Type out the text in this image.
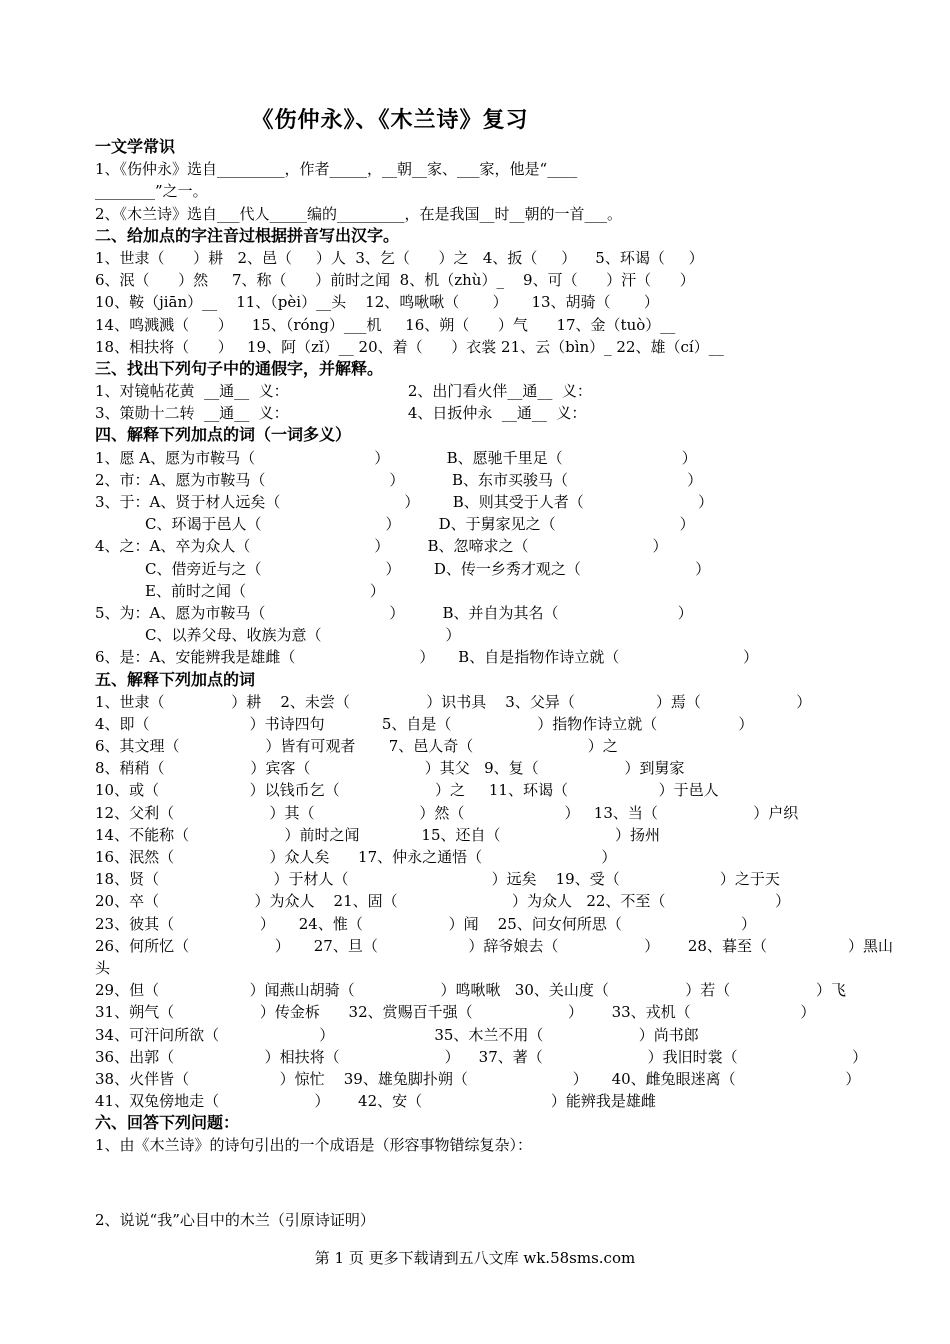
《伤仲永》、《木兰诗》复习
一文学常识
1、《伤仲永》选自_________，作者_____，__朝__家、___家，他是“____
________”之一。
2、《木兰诗》选自___代人_____编的_________，在是我国__时__朝的一首___。
二、给加点的字注音过根据拼音写出汉字。
1、世隶（      ）耕   2、邑（     ）人  3、乞（      ）之   4、扳（     ）    5、环谒（     ）
6、泯（      ）然     7、称（      ）前时之闻  8、机（zhù）_    9、可（      ）汗（      ）
10、鞍（jiān）__    11、（pèi）__头    12、鸣啾啾（       ）     13、胡骑（       ）
14、鸣溅溅（      ）    15、（róng）___机     16、朔（      ）气      17、金（tuò）__
18、相扶将（      ）   19、阿（zǐ）__ 20、着（      ）衣裳 21、云（bìn）_ 22、雄（cí）__
三、找出下列句子中的通假字，并解释。
1、对镜帖花黄  __通__  义：                         2、出门看火伴__通__  义：
3、策勋十二转  __通__  义：                         4、日扳仲永  __通__  义：
四、解释下列加点的词（一词多义）
1、愿 A、愿为市鞍马（                         ）            B、愿驰千里足（                         ）
2、市：A、愿为市鞍马（                          ）          B、东市买骏马（                         ）
3、于：A、贤于材人远矣（                          ）       B、则其受于人者（                        ）
C、环谒于邑人（                          ）        D、于舅家见之（                          ）
4、之：A、卒为众人（                          ）        B、忽啼求之（                          ）
C、借旁近与之（                          ）       D、传一乡秀才观之（                        ）
E、前时之闻（                          ）
5、为：A、愿为市鞍马（                          ）        B、并自为其名（                         ）
C、以养父母、收族为意（                          ）
6、是：A、安能辨我是雄雌（                          ）     B、自是指物作诗立就（                          ）
五、解释下列加点的词
1、世隶（              ）耕    2、未尝（                ）识书具    3、父异（                 ）焉（                    ）
4、即（                     ）书诗四句            5、自是（                  ）指物作诗立就（                 ）
6、其文理（                  ）皆有可观者       7、邑人奇（                        ）之
8、稍稍（                  ）宾客（                        ）其父   9、复（                  ）到舅家
10、或（                   ）以钱币乞（                    ）之     11、环谒（                   ）于邑人
12、父利（                    ）其（                      ）然（                     ）   13、当（                    ）户织
14、不能称（                    ）前时之闻             15、还自（                        ）扬州
16、泯然（                    ）众人矣      17、仲永之通悟（                         ）
18、贤（                        ）于材人（                              ）远矣    19、受（                     ）之于天
20、卒（                    ）为众人    21、固（                        ）为众人   22、不至（                       ）
23、彼其（                  ）     24、惟（                  ）闻    25、问女何所思（                         ）
26、何所忆（                  ）     27、旦（                   ）辞爷娘去（                  ）      28、暮至（                 ）黑山
头
29、但（                   ）闻燕山胡骑（                  ）鸣啾啾   30、关山度（                ）若（                  ）飞
31、朔气（                  ）传金柝      32、赏赐百千强（                    ）      33、戎机（                       ）
34、可汗问所欲（                     ）                     35、木兰不用（                    ）尚书郎
36、出郭（                   ）相扶将（                      ）    37、著（                      ）我旧时裳（                        ）
38、火伴皆（                   ）惊忙    39、雄兔脚扑朔（                      ）     40、雌兔眼迷离（                       ）
41、双兔傍地走（                    ）      42、安（                           ）能辨我是雄雌
六、回答下列问题：
1、由《木兰诗》的诗句引出的一个成语是（形容事物错综复杂）：
2、说说“我”心目中的木兰（引原诗证明）
第 1 页 更多下载请到五八文库 wk.58sms.com
